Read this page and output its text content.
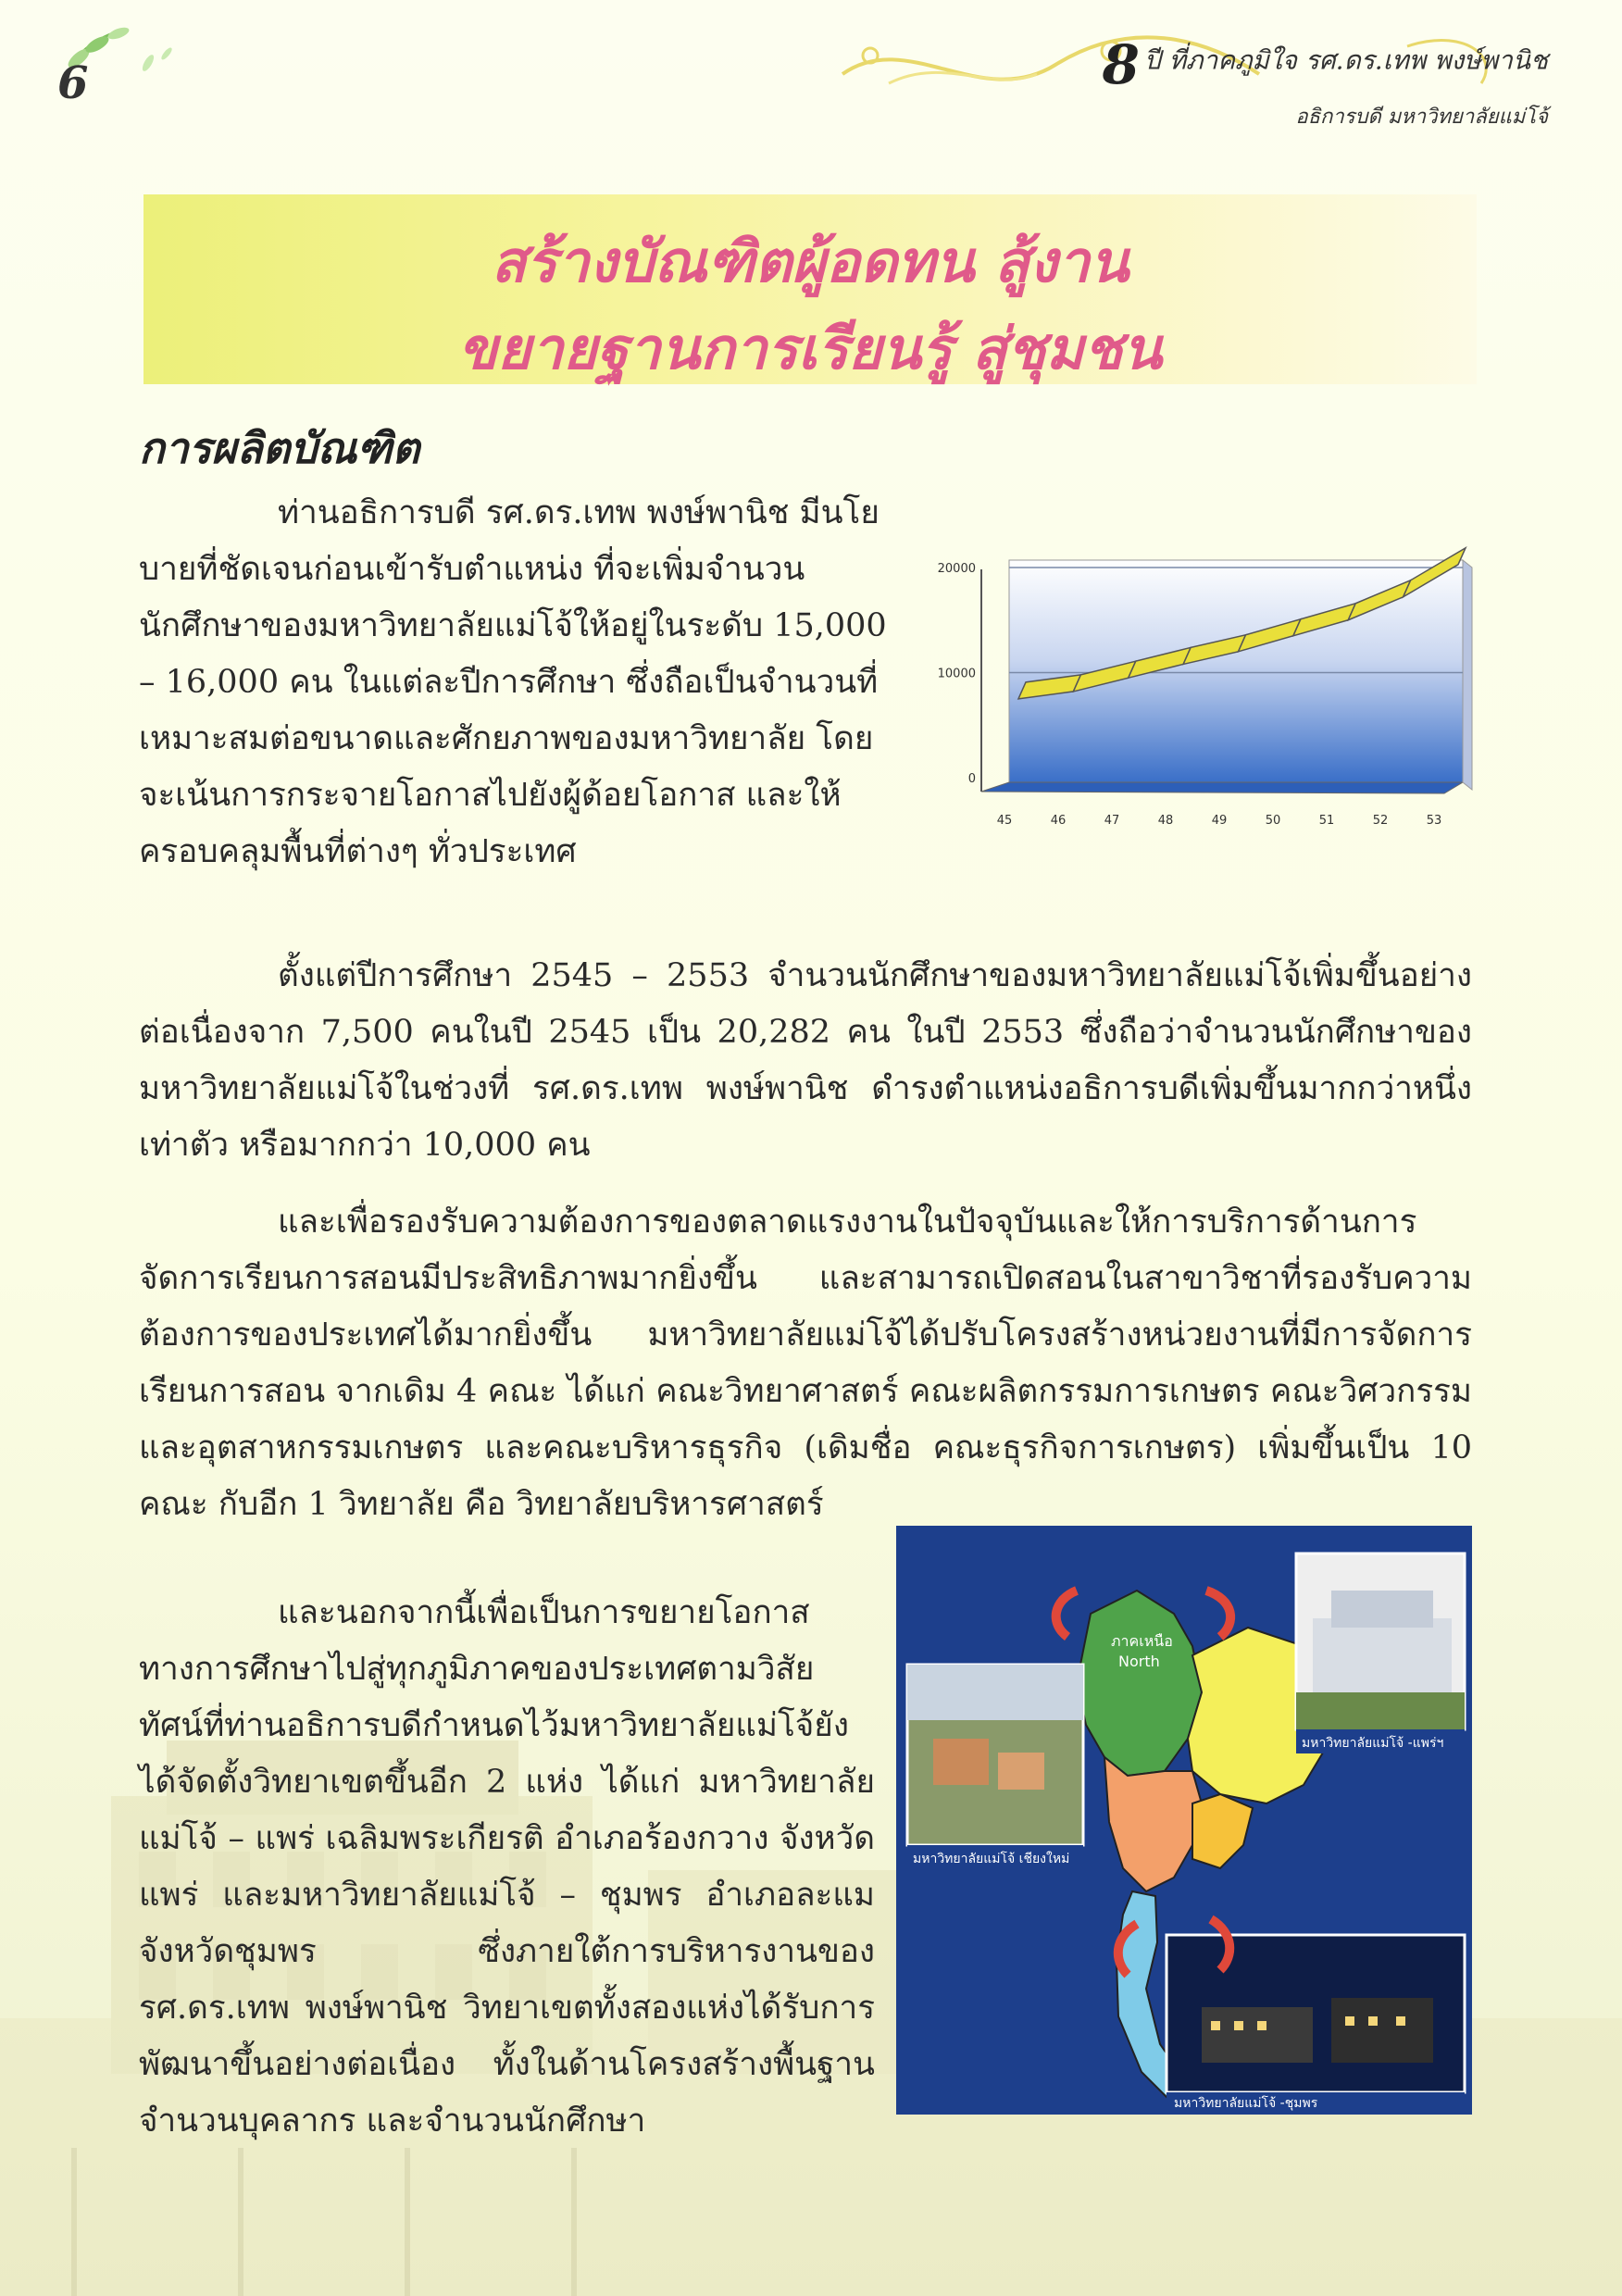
6	8 ปี ที่ภาคภูมิใจ รศ.ดร.เทพ พงษ์พานิช
อธิการบดี มหาวิทยาลัยแม่โจ้
สร้างบัณฑิตผู้อดทน สู้งาน
ขยายฐานการเรียนรู้ สู่ชุมชน
การผลิตบัณฑิต
ท่านอธิการบดี รศ.ดร.เทพ พงษ์พานิช มีนโยบายที่ชัดเจนก่อนเข้ารับตำแหน่ง ที่จะเพิ่มจำนวนนักศึกษาของมหาวิทยาลัยแม่โจ้ให้อยู่ในระดับ 15,000 – 16,000 คน ในแต่ละปีการศึกษา ซึ่งถือเป็นจำนวนที่เหมาะสมต่อขนาดและศักยภาพของมหาวิทยาลัย โดยจะเน้นการกระจายโอกาสไปยังผู้ด้อยโอกาส และให้ครอบคลุมพื้นที่ต่างๆ ทั่วประเทศ
0
10000
20000
45	46	47	48	49	50	51	52	53
ตั้งแต่ปีการศึกษา 2545 – 2553 จำนวนนักศึกษาของมหาวิทยาลัยแม่โจ้เพิ่มขึ้นอย่างต่อเนื่องจาก 7,500 คนในปี 2545 เป็น 20,282 คน ในปี 2553 ซึ่งถือว่าจำนวนนักศึกษาของมหาวิทยาลัยแม่โจ้ในช่วงที่ รศ.ดร.เทพ พงษ์พานิช ดำรงตำแหน่งอธิการบดีเพิ่มขึ้นมากกว่าหนึ่งเท่าตัว หรือมากกว่า 10,000 คน
และเพื่อรองรับความต้องการของตลาดแรงงานในปัจจุบันและให้การบริการด้านการจัดการเรียนการสอนมีประสิทธิภาพมากยิ่งขึ้น และสามารถเปิดสอนในสาขาวิชาที่รองรับความต้องการของประเทศได้มากยิ่งขึ้น มหาวิทยาลัยแม่โจ้ได้ปรับโครงสร้างหน่วยงานที่มีการจัดการเรียนการสอน จากเดิม 4 คณะ ได้แก่ คณะวิทยาศาสตร์ คณะผลิตกรรมการเกษตร คณะวิศวกรรมและอุตสาหกรรมเกษตร และคณะบริหารธุรกิจ (เดิมชื่อ คณะธุรกิจการเกษตร) เพิ่มขึ้นเป็น 10 คณะ กับอีก 1 วิทยาลัย คือ วิทยาลัยบริหารศาสตร์
และนอกจากนี้เพื่อเป็นการขยายโอกาสทางการศึกษาไปสู่ทุกภูมิภาคของประเทศตามวิสัยทัศน์ที่ท่านอธิการบดีกำหนดไว้มหาวิทยาลัยแม่โจ้ยังได้จัดตั้งวิทยาเขตขึ้นอีก 2 แห่ง ได้แก่ มหาวิทยาลัยแม่โจ้ – แพร่ เฉลิมพระเกียรติ อำเภอร้องกวาง จังหวัดแพร่ และมหาวิทยาลัยแม่โจ้ – ชุมพร อำเภอละแม จังหวัดชุมพร ซึ่งภายใต้การบริหารงานของ รศ.ดร.เทพ พงษ์พานิช วิทยาเขตทั้งสองแห่งได้รับการพัฒนาขึ้นอย่างต่อเนื่อง ทั้งในด้านโครงสร้างพื้นฐาน จำนวนบุคลากร และจำนวนนักศึกษา
ภาคเหนือ
North
มหาวิทยาลัยแม่โจ้ เชียงใหม่
มหาวิทยาลัยแม่โจ้ -แพร่ฯ
มหาวิทยาลัยแม่โจ้ -ชุมพร
